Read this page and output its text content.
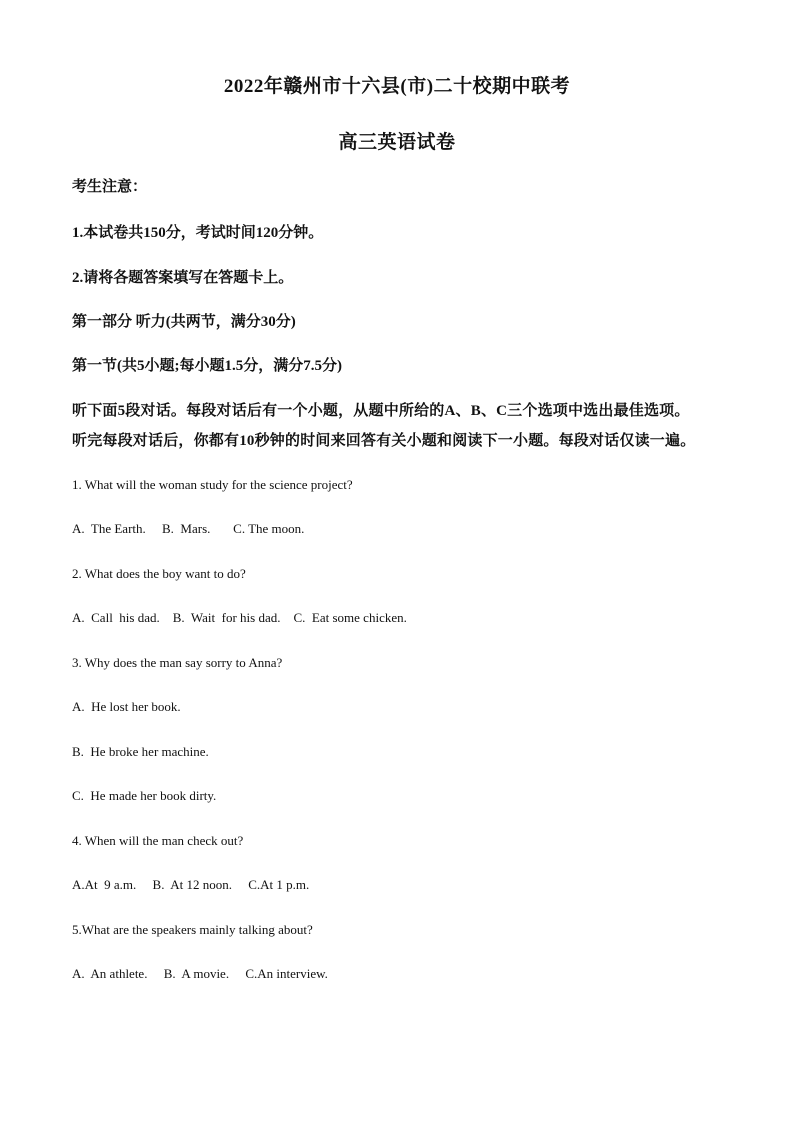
2022年赣州市十六县(市)二十校期中联考
高三英语试卷
考生注意：
1.本试卷共150分，考试时间120分钟。
2.请将各题答案填写在答题卡上。
第一部分 听力(共两节，满分30分)
第一节(共5小题;每小题1.5分，满分7.5分)
听下面5段对话。每段对话后有一个小题，从题中所给的A、B、C三个选项中选出最佳选项。
听完每段对话后，你都有10秒钟的时间来回答有关小题和阅读下一小题。每段对话仅读一遍。
1. What will the woman study for the science project?
A.  The Earth.     B.  Mars.       C. The moon.
2. What does the boy want to do?
A.  Call  his dad.    B.  Wait  for his dad.    C.  Eat some chicken.
3. Why does the man say sorry to Anna?
A.  He lost her book.
B.  He broke her machine.
C.  He made her book dirty.
4. When will the man check out?
A.At  9 a.m.     B.  At 12 noon.     C.At 1 p.m.
5.What are the speakers mainly talking about?
A.  An athlete.     B.  A movie.     C.An interview.
